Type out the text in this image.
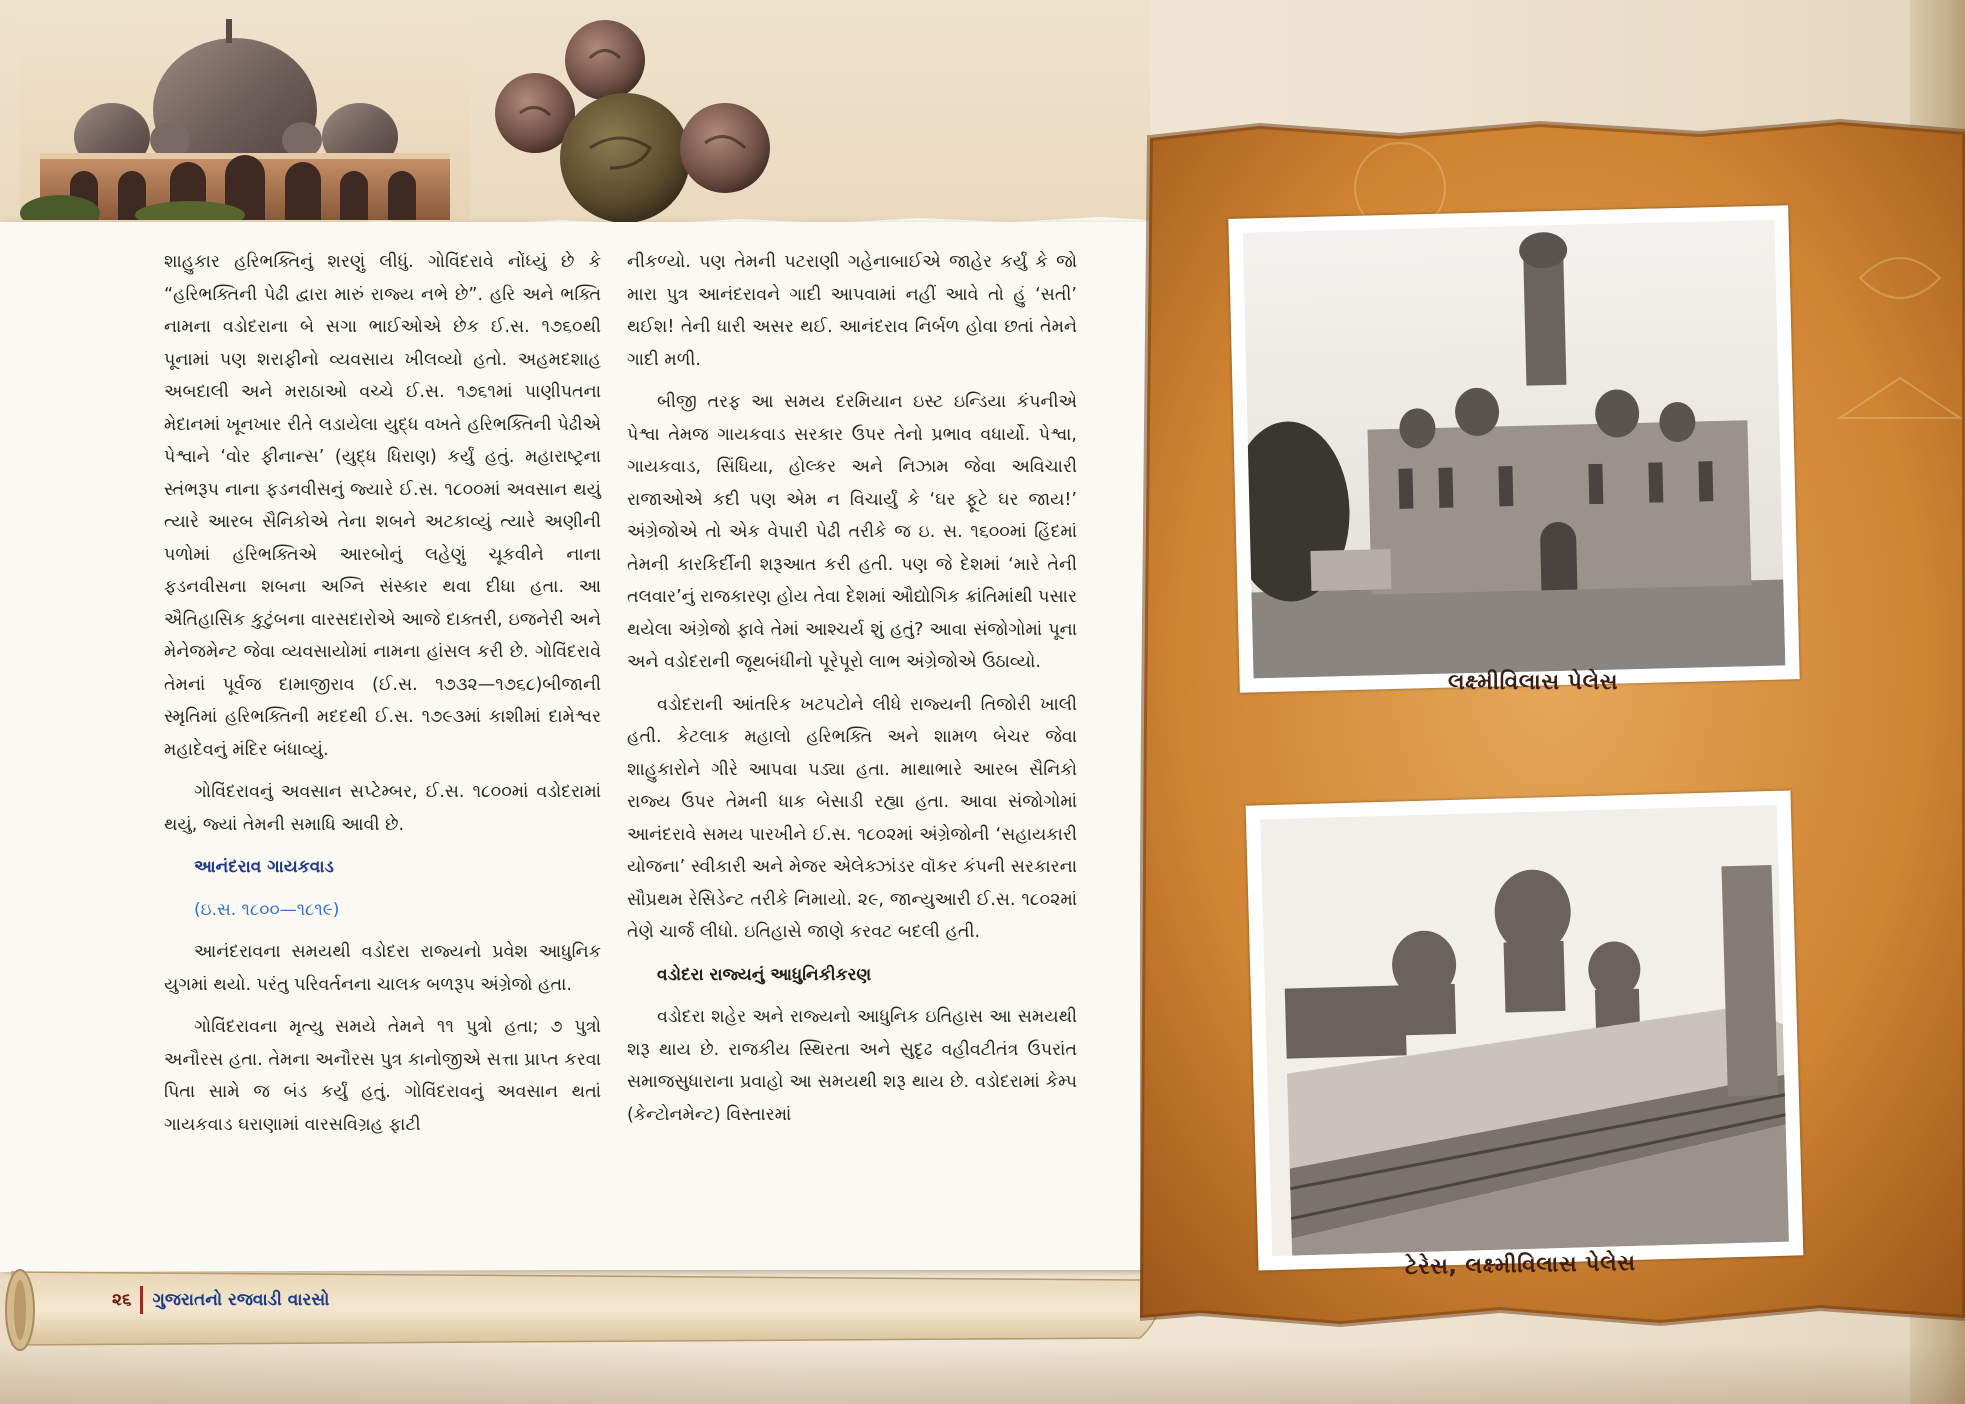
શાહુકાર હરિભક્તિનું શરણું લીધું. ગોવિંદરાવે નોંધ્યું છે કે “હરિભક્તિની પેઢી દ્વારા મારું રાજ્ય નભે છે”. હરિ અને ભક્તિ નામના વડોદરાના બે સગા ભાઈઓએ છેક ઈ.સ. ૧૭૬૦થી પૂનામાં પણ શરાફીનો વ્યવસાય ખીલવ્યો હતો. અહમદશાહ અબદાલી અને મરાઠાઓ વચ્ચે ઈ.સ. ૧૭૬૧માં પાણીપતના મેદાનમાં ખૂનખાર રીતે લડાયેલા યુદ્ધ વખતે હરિભક્તિની પેઢીએ પેશ્વાને ‘વોર ફીનાન્સ’ (યુદ્ધ ધિરાણ) કર્યું હતું. મહારાષ્ટ્રના સ્તંભરૂપ નાના ફડનવીસનું જ્યારે ઈ.સ. ૧૮૦૦માં અવસાન થયું ત્યારે આરબ સૈનિકોએ તેના શબને અટકાવ્યું ત્યારે અણીની પળોમાં હરિભક્તિએ આરબોનું લહેણું ચૂકવીને નાના ફડનવીસના શબના અગ્નિ સંસ્કાર થવા દીધા હતા. આ ઐતિહાસિક કુટુંબના વારસદારોએ આજે દાક્તરી, ઇજનેરી અને મેનેજમેન્ટ જેવા વ્યવસાયોમાં નામના હાંસલ કરી છે. ગોવિંદરાવે તેમનાં પૂર્વજ દામાજીરાવ (ઈ.સ. ૧૭૩૨—૧૭૬૮)બીજાની સ્મૃતિમાં હરિભક્તિની મદદથી ઈ.સ. ૧૭૯૩માં કાશીમાં દામેશ્વર મહાદેવનું મંદિર બંધાવ્યું.

ગોવિંદરાવનું અવસાન સપ્ટેમ્બર, ઈ.સ. ૧૮૦૦માં વડોદરામાં થયું, જ્યાં તેમની સમાધિ આવી છે.

આનંદરાવ ગાયકવાડ

(ઇ.સ. ૧૮૦૦—૧૮૧૯)

આનંદરાવના સમયથી વડોદરા રાજ્યનો પ્રવેશ આધુનિક યુગમાં થયો. પરંતુ પરિવર્તનના ચાલક બળરૂપ અંગ્રેજો હતા.

ગોવિંદરાવના મૃત્યુ સમયે તેમને ૧૧ પુત્રો હતા; ૭ પુત્રો અનૌરસ હતા. તેમના અનૌરસ પુત્ર કાનોજીએ સત્તા પ્રાપ્ત કરવા પિતા સામે જ બંડ કર્યું હતું. ગોવિંદરાવનું અવસાન થતાં ગાયકવાડ ઘરાણામાં વારસવિગ્રહ ફાટી

નીકળ્યો. પણ તેમની પટરાણી ગહેનાબાઈએ જાહેર કર્યું કે જો મારા પુત્ર આનંદરાવને ગાદી આપવામાં નહીં આવે તો હું ‘સતી’ થઈશ! તેની ધારી અસર થઈ. આનંદરાવ નિર્બળ હોવા છતાં તેમને ગાદી મળી.

બીજી તરફ આ સમય દરમિયાન ઇસ્ટ ઇન્ડિયા કંપનીએ પેશ્વા તેમજ ગાયકવાડ સરકાર ઉપર તેનો પ્રભાવ વધાર્યો. પેશ્વા, ગાયકવાડ, સિંધિયા, હોલ્કર અને નિઝામ જેવા અવિચારી રાજાઓએ કદી પણ એમ ન વિચાર્યું કે ‘ઘર ફૂટે ઘર જાય!’ અંગ્રેજોએ તો એક વેપારી પેઢી તરીકે જ ઇ. સ. ૧૬૦૦માં હિંદમાં તેમની કારકિર્દીની શરૂઆત કરી હતી. પણ જે દેશમાં ‘મારે તેની તલવાર’નું રાજકારણ હોય તેવા દેશમાં ઔદ્યોગિક ક્રાંતિમાંથી પસાર થયેલા અંગ્રેજો ફાવે તેમાં આશ્ચર્ય શું હતું? આવા સંજોગોમાં પૂના અને વડોદરાની જૂથબંધીનો પૂરેપૂરો લાભ અંગ્રેજોએ ઉઠાવ્યો.

વડોદરાની આંતરિક ખટપટોને લીધે રાજ્યની તિજોરી ખાલી હતી. કેટલાક મહાલો હરિભક્તિ અને શામળ બેચર જેવા શાહુકારોને ગીરે આપવા પડ્યા હતા. માથાભારે આરબ સૈનિકો રાજ્ય ઉપર તેમની ધાક બેસાડી રહ્યા હતા. આવા સંજોગોમાં આનંદરાવે સમય પારખીને ઈ.સ. ૧૮૦૨માં અંગ્રેજોની ‘સહાયકારી યોજના’ સ્વીકારી અને મેજર એલેક્ઝાંડર વૉકર કંપની સરકારના સૌપ્રથમ રેસિડેન્ટ તરીકે નિમાયો. ૨૯, જાન્યુઆરી ઈ.સ. ૧૮૦૨માં તેણે ચાર્જ લીધો. ઇતિહાસે જાણે કરવટ બદલી હતી.

વડોદરા રાજ્યનું આધુનિકીકરણ

વડોદરા શહેર અને રાજ્યનો આધુનિક ઇતિહાસ આ સમયથી શરૂ થાય છે. રાજકીય સ્થિરતા અને સુદૃઢ વહીવટીતંત્ર ઉપરાંત સમાજસુધારાના પ્રવાહો આ સમયથી શરૂ થાય છે. વડોદરામાં કેમ્પ (કેન્ટોનમેન્ટ) વિસ્તારમાં

૨૬ ગુજરાતનો રજવાડી વારસો
લક્ષ્મીવિલાસ પેલેસ
ટેરેસ, લક્ષ્મીવિલાસ પેલેસ
